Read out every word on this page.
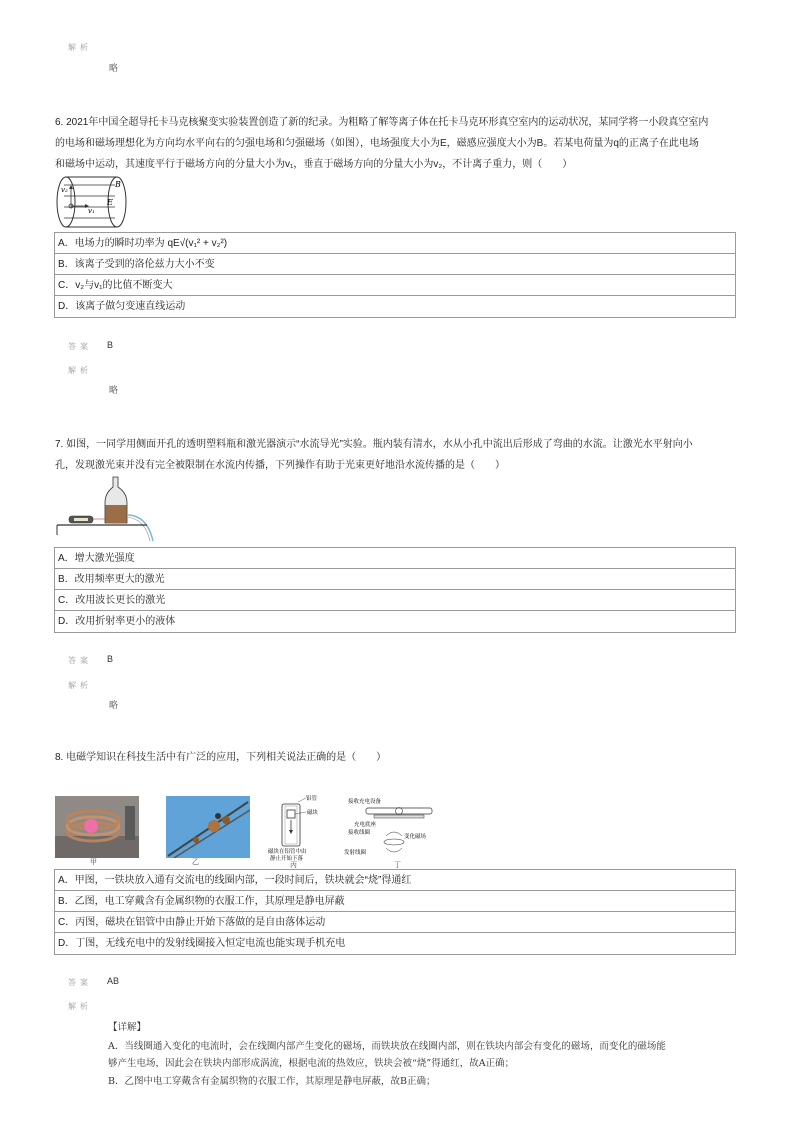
解析
略
6. 2021年中国全超导托卡马克核聚变实验装置创造了新的纪录。为粗略了解等离子体在托卡马克环形真空室内的运动状况，某同学将一小段真空室内
的电场和磁场理想化为方向均水平向右的匀强电场和匀强磁场（如图），电场强度大小为E，磁感应强度大小为B。若某电荷量为q的正离子在此电场
和磁场中运动，其速度平行于磁场方向的分量大小为v₁，垂直于磁场方向的分量大小为v₂，不计离子重力，则（　　）
v₂
v₁
B
E
A．电场力的瞬时功率为 qE√(v₁² + v₂²)
B．该离子受到的洛伦兹力大小不变
C．v₂与v₁的比值不断变大
D．该离子做匀变速直线运动
答案 B
解析
略
7. 如图，一同学用侧面开孔的透明塑料瓶和激光器演示“水流导光”实验。瓶内装有清水，水从小孔中流出后形成了弯曲的水流。让激光水平射向小
孔，发现激光束并没有完全被限制在水流内传播，下列操作有助于光束更好地沿水流传播的是（　　）
A．增大激光强度
B．改用频率更大的激光
C．改用波长更长的激光
D．改用折射率更小的液体
答案 B
解析
略
8. 电磁学知识在科技生活中有广泛的应用，下列相关说法正确的是（　　）
甲	乙
铝管
磁块
磁块在铝管中由
静止开始下落
丙
接收充电设备
充电底座
接收线圈
变化磁场
发射线圈
丁
A．甲图，一铁块放入通有交流电的线圈内部，一段时间后，铁块就会“烧”得通红
B．乙图，电工穿戴含有金属织物的衣服工作，其原理是静电屏蔽
C．丙图，磁块在铝管中由静止开始下落做的是自由落体运动
D．丁图，无线充电中的发射线圈接入恒定电流也能实现手机充电
答案 AB
解析
【详解】
A．当线圈通入变化的电流时，会在线圈内部产生变化的磁场，而铁块放在线圈内部，则在铁块内部会有变化的磁场，而变化的磁场能
够产生电场，因此会在铁块内部形成涡流，根据电流的热效应，铁块会被“烧”得通红，故A正确；
B．乙图中电工穿戴含有金属织物的衣服工作，其原理是静电屏蔽，故B正确；
